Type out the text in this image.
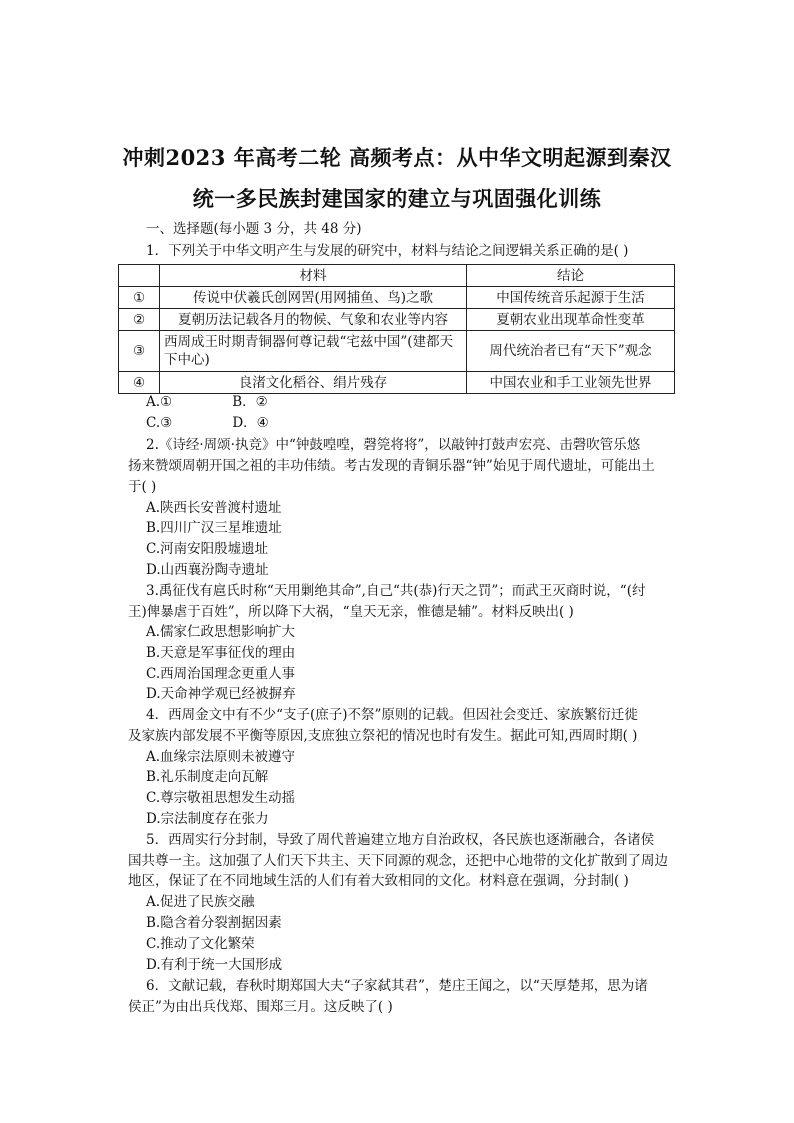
冲刺2023 年高考二轮 高频考点：从中华文明起源到秦汉
统一多民族封建国家的建立与巩固强化训练
一、选择题(每小题 3 分，共 48 分)
1．下列关于中华文明产生与发展的研究中，材料与结论之间逻辑关系正确的是( )
	材料	结论
①	传说中伏羲氏创网罟(用网捕鱼、鸟)之歌	中国传统音乐起源于生活
②	夏朝历法记载各月的物候、气象和农业等内容	夏朝农业出现革命性变革
③	西周成王时期青铜器何尊记载“宅兹中国”(建都天下中心)	周代统治者已有“天下”观念
④	良渚文化稻谷、绢片残存	中国农业和手工业领先世界
A.①              B．②
C.③              D．④
2.《诗经·周颂·执竞》中“钟鼓喤喤，磬筦将将”，以敲钟打鼓声宏亮、击磬吹管乐悠
扬来赞颂周朝开国之祖的丰功伟绩。考古发现的青铜乐器“钟”始见于周代遗址，可能出土
于( )
A.陕西长安普渡村遗址
B.四川广汉三星堆遗址
C.河南安阳殷墟遗址
D.山西襄汾陶寺遗址
3.禹征伐有扈氏时称“天用剿绝其命”,自己“共(恭)行天之罚”；而武王灭商时说，“(纣
王)俾暴虐于百姓”，所以降下大祸，“皇天无亲，惟德是辅”。材料反映出( )
A.儒家仁政思想影响扩大
B.天意是军事征伐的理由
C.西周治国理念更重人事
D.天命神学观已经被摒弃
4．西周金文中有不少“支子(庶子)不祭”原则的记载。但因社会变迁、家族繁衍迁徙
及家族内部发展不平衡等原因,支庶独立祭祀的情况也时有发生。据此可知,西周时期( )
A.血缘宗法原则未被遵守
B.礼乐制度走向瓦解
C.尊宗敬祖思想发生动摇
D.宗法制度存在张力
5．西周实行分封制，导致了周代普遍建立地方自治政权，各民族也逐渐融合，各诸侯
国共尊一主。这加强了人们天下共主、天下同源的观念，还把中心地带的文化扩散到了周边
地区，保证了在不同地域生活的人们有着大致相同的文化。材料意在强调，分封制( )
A.促进了民族交融
B.隐含着分裂割据因素
C.推动了文化繁荣
D.有利于统一大国形成
6．文献记载，春秋时期郑国大夫“子家弑其君”，楚庄王闻之，以“天厚楚邦，思为诸
侯正”为由出兵伐郑、围郑三月。这反映了( )
